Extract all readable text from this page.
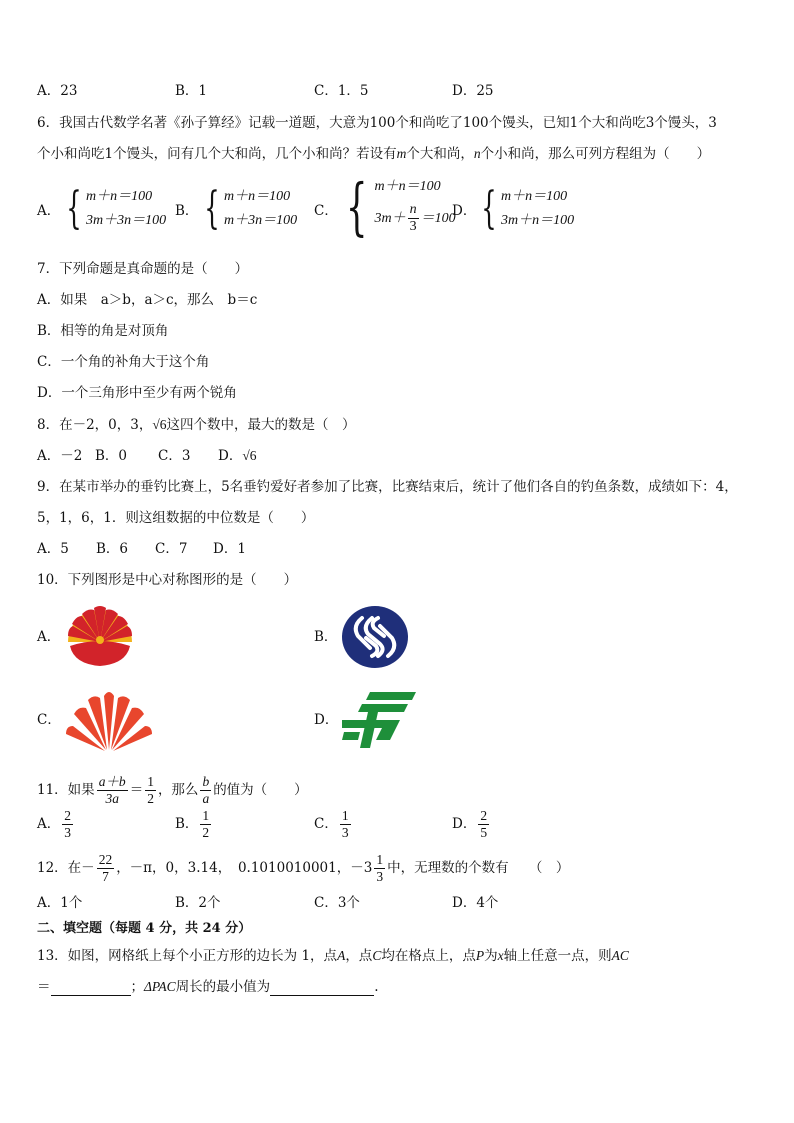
A．23	B．1	C．1．5	D．25
6．我国古代数学名著《孙子算经》记载一道题，大意为100个和尚吃了100个馒头，已知1个大和尚吃3个馒头，3
个小和尚吃1个馒头，问有几个大和尚，几个小和尚？若设有m个大和尚，n个小和尚，那么可列方程组为（　　）
A． { m＋n＝100
3m＋3n＝100
B． { m＋n＝100
m＋3n＝100
C． { m＋n＝100
$3m+ \frac{n}{3} =100$
D． { m＋n＝100
3m＋n＝100
7．下列命题是真命题的是（　　）
A．如果　a＞b，a＞c，那么　b＝c
B．相等的角是对顶角
C．一个角的补角大于这个角
D．一个三角形中至少有两个锐角
8．在－2，0，3，√6这四个数中，最大的数是（　）
A．－2 B．0 C．3 D．√6
9．在某市举办的垂钓比赛上，5名垂钓爱好者参加了比赛，比赛结束后，统计了他们各自的钓鱼条数，成绩如下：4，
5，1，6，1．则这组数据的中位数是（　　）
A．5 B．6 C．7 D．1
10．下列图形是中心对称图形的是（　　）
A．	B．
C．	D．
11．如果 $\frac{a+b}{3a} = \frac{1}{2}$ ，那么 $\frac{b}{a}$ 的值为（　　）
A． $\frac{2}{3}$	B． $\frac{1}{2}$	C． $\frac{1}{3}$	D． $\frac{2}{5}$
12．在－ $\frac{22}{7}$ ，－π，0，3.14，　0.1010010001，$-3 \frac{1}{3}$ 中，无理数的个数有　　（　）
A．1个	B．2个	C．3个	D．4个
二、填空题（每题 4 分，共 24 分）
13．如图，网格纸上每个小正方形的边长为 1，点A，点C均在格点上，点P为x轴上任意一点，则AC
＝	；ΔPAC周长的最小值为	.
